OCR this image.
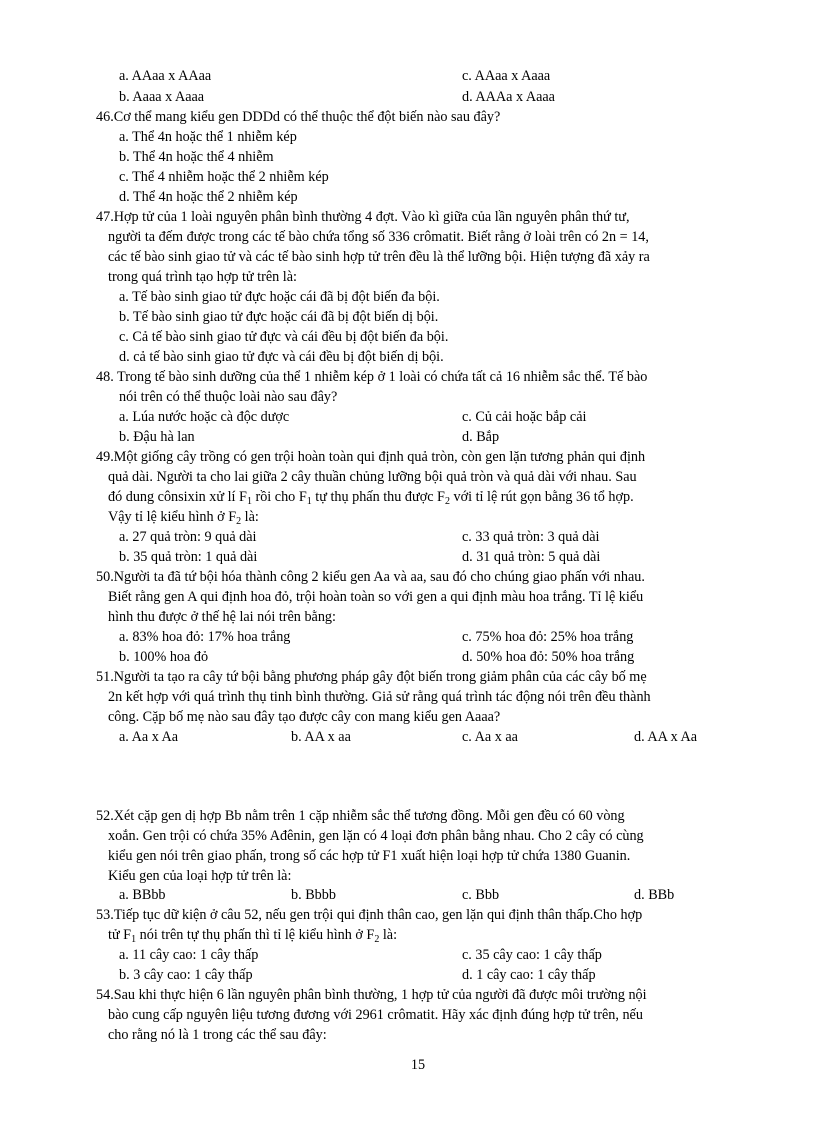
a. AAaa x AAaa	c. AAaa x Aaaa
b. Aaaa x Aaaa	d. AAAa x Aaaa
46.Cơ thể mang kiểu gen DDDd có thể thuộc thể đột biến nào sau đây?
a. Thể 4n hoặc thể 1 nhiễm kép
b. Thể 4n hoặc thể 4 nhiễm
c. Thể 4 nhiễm hoặc thể 2 nhiễm kép
d. Thể 4n hoặc thể 2 nhiễm kép
47.Hợp tử của 1 loài nguyên phân bình thường 4 đợt. Vào kì giữa của lần nguyên phân thứ tư,
người ta đếm được trong các tế bào chứa tổng số 336 crômatit. Biết rằng ở loài trên có 2n = 14,
các tế bào sinh giao tử và các tế bào sinh hợp tử trên đều là thể lưỡng bội. Hiện tượng đã xảy ra
trong quá trình tạo hợp tử trên là:
a. Tế bào sinh giao tử đực hoặc cái đã bị đột biến đa bội.
b. Tế bào sinh giao tử đực hoặc cái đã bị đột biến dị bội.
c. Cả tế bào sinh giao tử đực và cái đều bị đột biến đa bội.
d. cả tế bào sinh giao tử đực và cái đều bị đột biến dị bội.
48. Trong tế bào sinh dưỡng của thể 1 nhiễm kép ở 1 loài có chứa tất cả 16 nhiễm sắc thể. Tế bào
nói trên có thể thuộc loài nào sau đây?
a. Lúa nước hoặc cà độc dược	c. Củ cải hoặc bắp cải
b. Đậu hà lan	d. Bắp
49.Một giống cây trồng có gen trội hoàn toàn qui định quả tròn, còn gen lặn tương phản qui định
quả dài. Người ta cho lai giữa 2 cây thuần chủng lưỡng bội quả tròn và quả dài với nhau. Sau
đó dung cônsixin xử lí $F_1$ rồi cho $F_1$ tự thụ phấn thu được $F_2$ với tỉ lệ rút gọn bằng 36 tổ hợp.
Vậy tỉ lệ kiểu hình ở $F_2$ là:
a. 27 quả tròn: 9 quả dài	c. 33 quả tròn: 3 quả dài
b. 35 quả tròn: 1 quả dài	d. 31 quả tròn: 5 quả dài
50.Người ta đã tứ bội hóa thành công 2 kiểu gen Aa và aa, sau đó cho chúng giao phấn với nhau.
Biết rằng gen A qui định hoa đỏ, trội hoàn toàn so với gen a qui định màu hoa trắng. Tỉ lệ kiểu
hình thu được ở thế hệ lai nói trên bằng:
a. 83% hoa đỏ: 17% hoa trắng	c. 75% hoa đỏ: 25% hoa trắng
b. 100% hoa đỏ	d. 50% hoa đỏ: 50% hoa trắng
51.Người ta tạo ra cây tứ bội bằng phương pháp gây đột biến trong giảm phân của các cây bố mẹ
2n kết hợp với quá trình thụ tinh bình thường. Giả sử rằng quá trình tác động nói trên đều thành
công. Cặp bố mẹ nào sau đây tạo được cây con mang kiểu gen Aaaa?
a. Aa x Aa	b. AA x aa	c. Aa x aa	d. AA x Aa
52.Xét cặp gen dị hợp Bb nằm trên 1 cặp nhiễm sắc thể tương đồng. Mỗi gen đều có 60 vòng
xoắn. Gen trội có chứa 35% Ađênin, gen lặn có 4 loại đơn phân bằng nhau. Cho 2 cây có cùng
kiểu gen nói trên giao phấn, trong số các hợp tử F1 xuất hiện loại hợp tử chứa 1380 Guanin.
Kiểu gen của loại hợp tử trên là:
a. BBbb	b. Bbbb	c. Bbb	d. BBb
53.Tiếp tục dữ kiện ở câu 52, nếu gen trội qui định thân cao, gen lặn qui định thân thấp.Cho hợp
tử $F_1$ nói trên tự thụ phấn thì tỉ lệ kiểu hình ở $F_2$ là:
a. 11 cây cao: 1 cây thấp	c. 35 cây cao: 1 cây thấp
b. 3 cây cao: 1 cây thấp	d. 1 cây cao: 1 cây thấp
54.Sau khi thực hiện 6 lần nguyên phân bình thường, 1 hợp tử của người đã được môi trường nội
bào cung cấp nguyên liệu tương đương với 2961 crômatit. Hãy xác định đúng hợp tử trên, nếu
cho rằng nó là 1 trong các thể sau đây:
15
